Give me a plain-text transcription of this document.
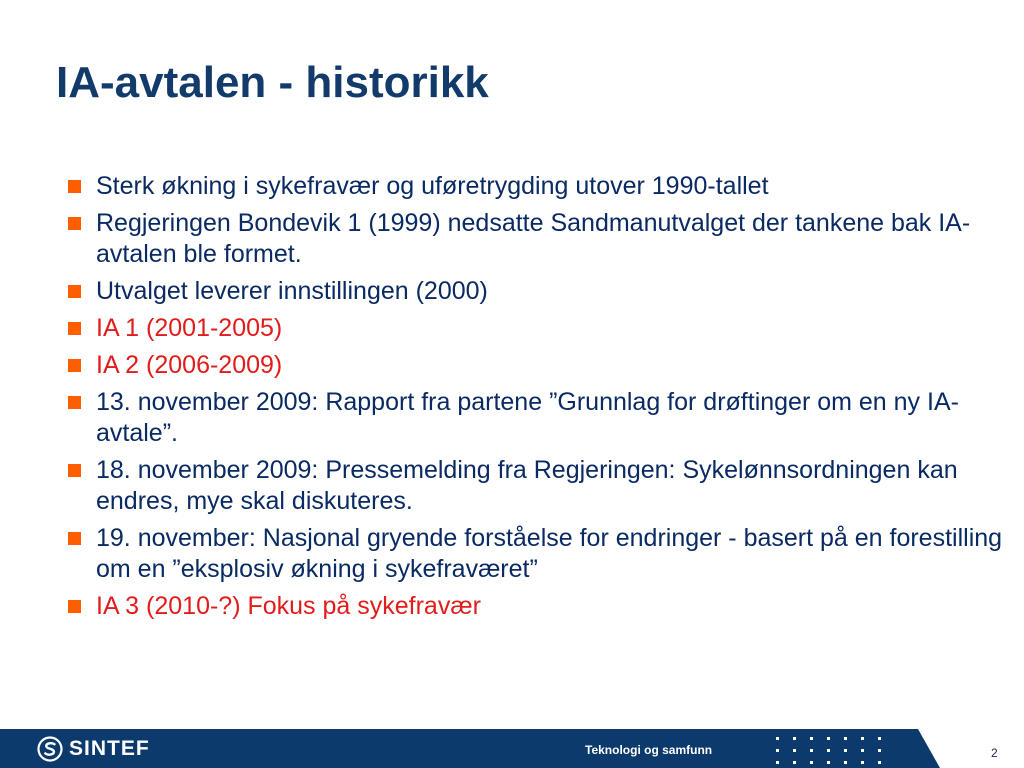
IA-avtalen - historikk
Sterk økning i sykefravær og uføretrygding utover 1990-tallet
Regjeringen Bondevik 1 (1999) nedsatte Sandmanutvalget der tankene bak IA-avtalen ble formet.
Utvalget leverer innstillingen (2000)
IA 1 (2001-2005)
IA 2 (2006-2009)
13. november 2009: Rapport fra partene ”Grunnlag for drøftinger om en ny IA-avtale”.
18. november 2009: Pressemelding fra Regjeringen: Sykelønnsordningen kan endres, mye skal diskuteres.
19. november: Nasjonal gryende forståelse for endringer - basert på en forestilling om en ”eksplosiv økning i sykefraværet”
IA 3 (2010-?) Fokus på sykefravær
SINTEF	Teknologi og samfunn	2
